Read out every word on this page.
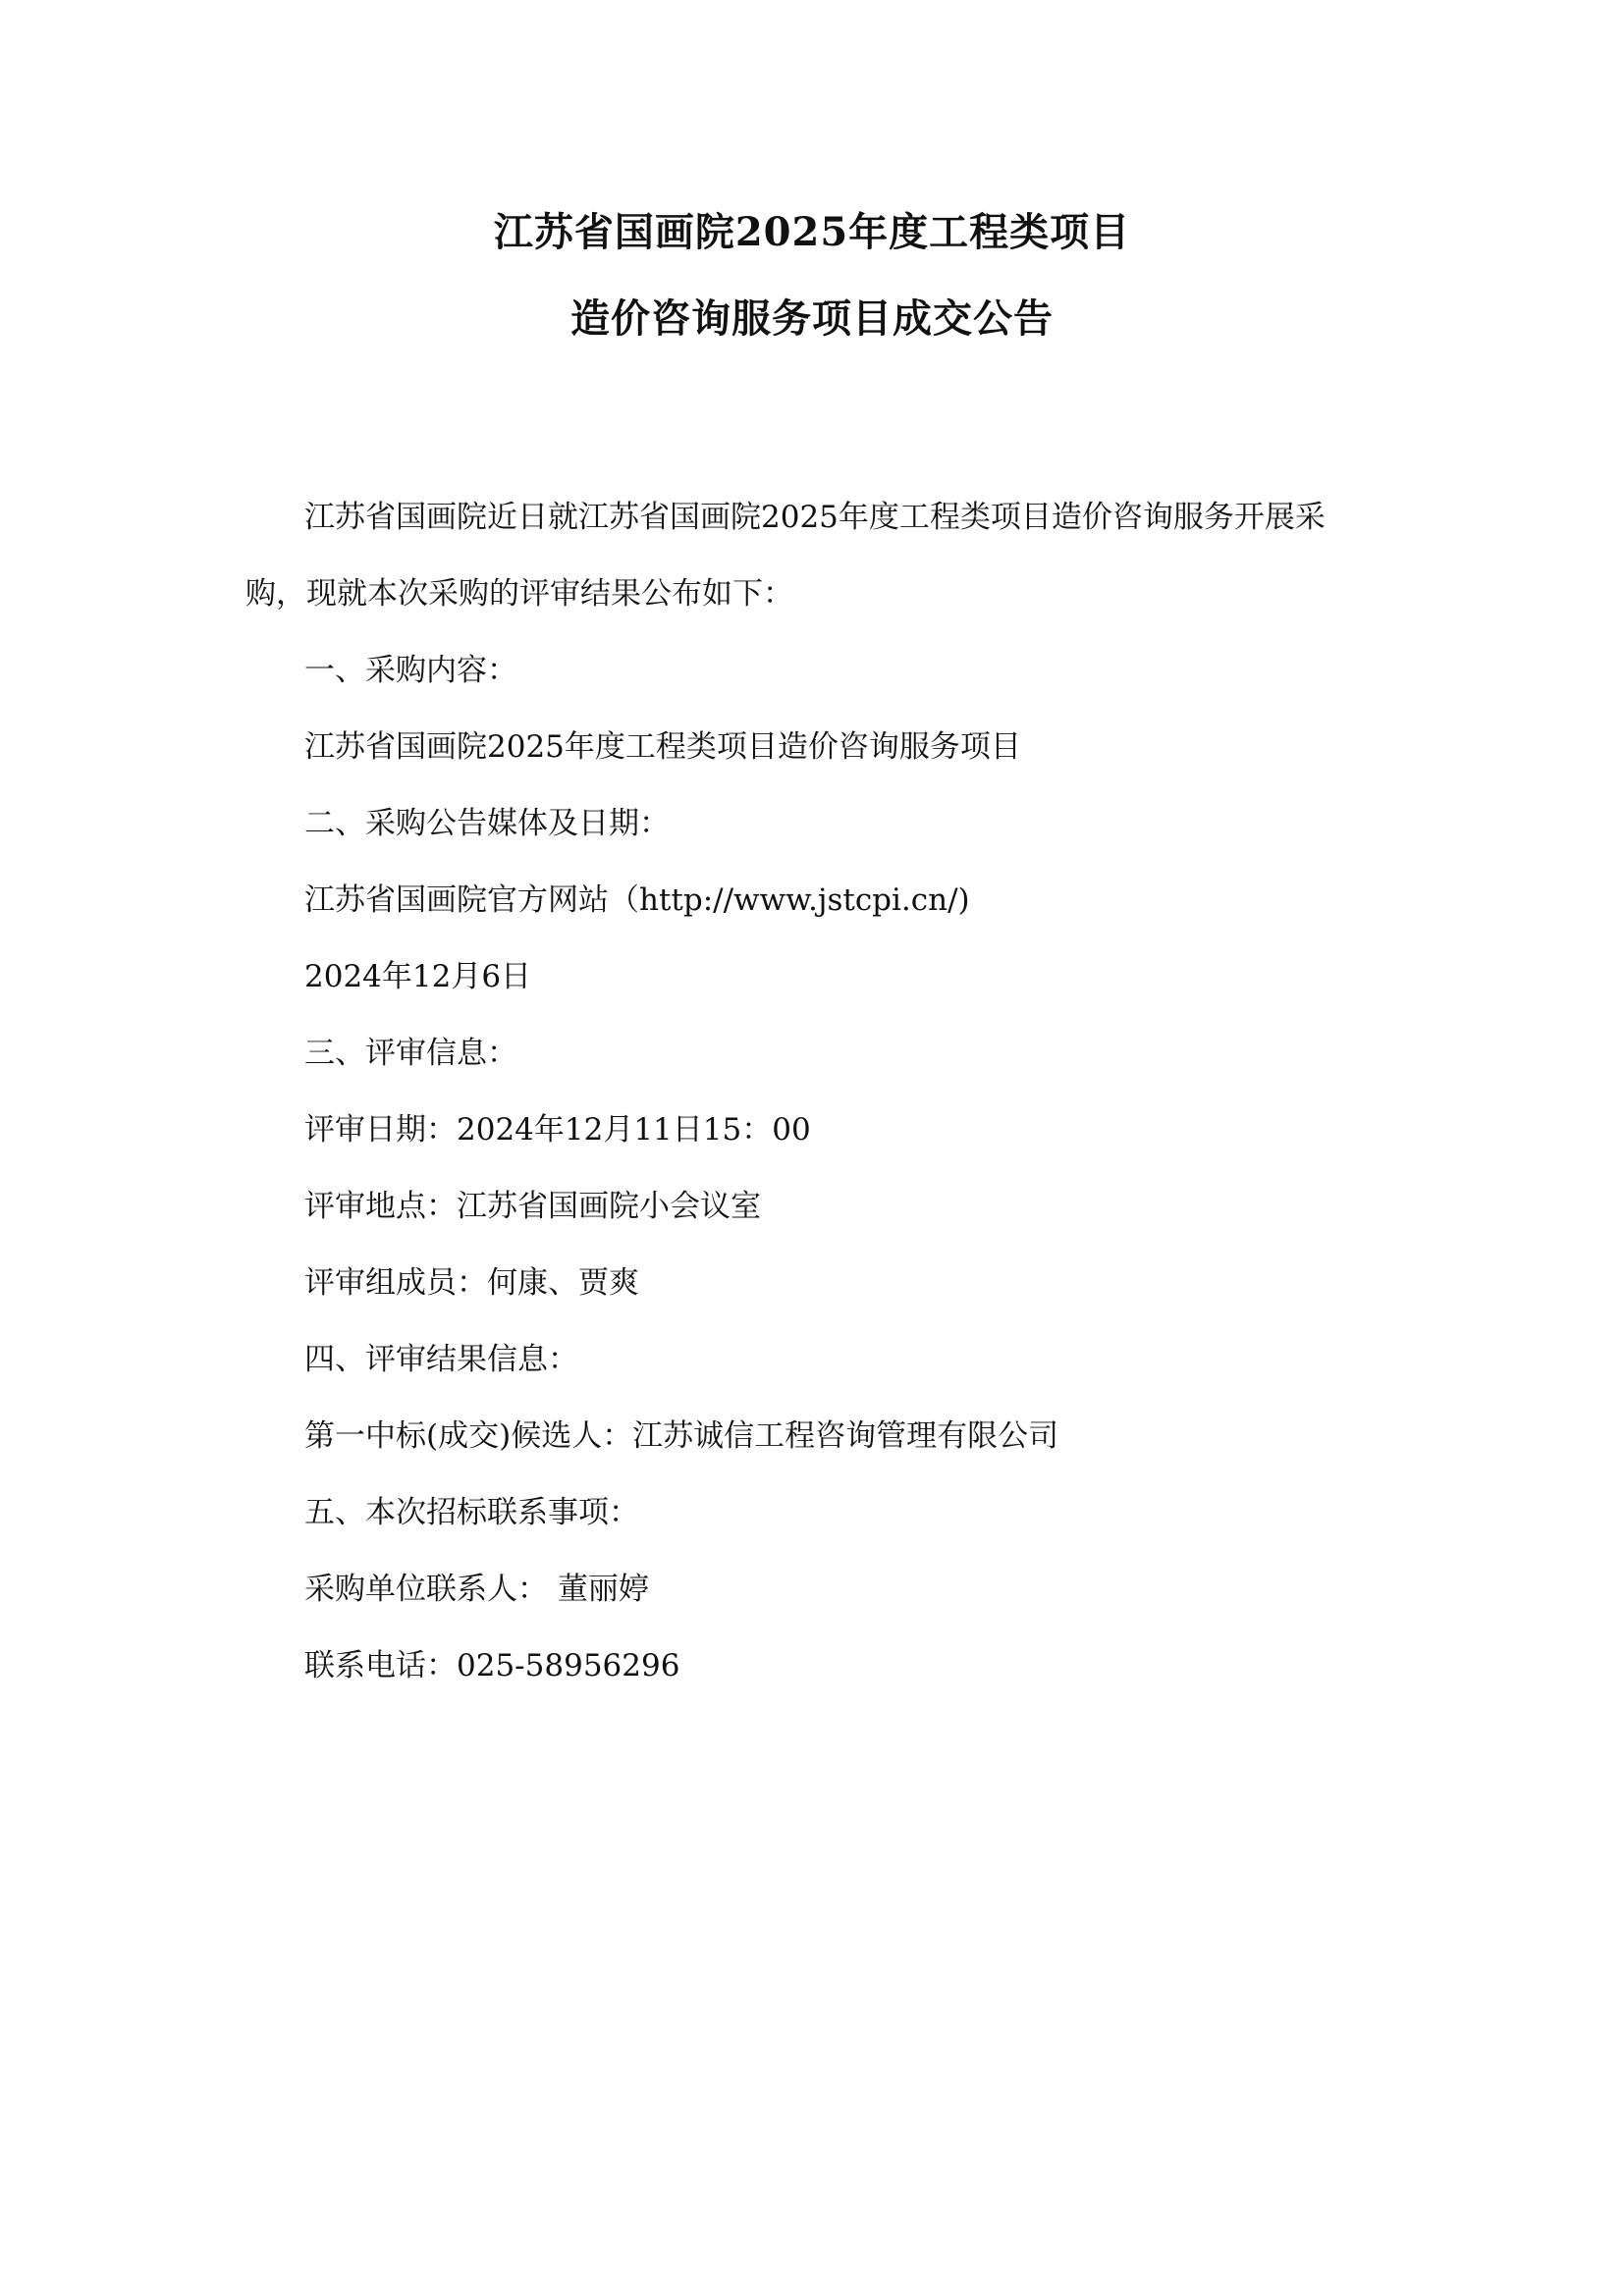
江苏省国画院2025年度工程类项目
造价咨询服务项目成交公告

江苏省国画院近日就江苏省国画院2025年度工程类项目造价咨询服务开展采购，现就本次采购的评审结果公布如下：

一、采购内容：

江苏省国画院2025年度工程类项目造价咨询服务项目

二、采购公告媒体及日期：

江苏省国画院官方网站（http://www.jstcpi.cn/)

2024年12月6日

三、评审信息：

评审日期：2024年12月11日15：00

评审地点：江苏省国画院小会议室

评审组成员：何康、贾爽

四、评审结果信息：

第一中标(成交)候选人：江苏诚信工程咨询管理有限公司

五、本次招标联系事项：

采购单位联系人： 董丽婷

联系电话：025-58956296
